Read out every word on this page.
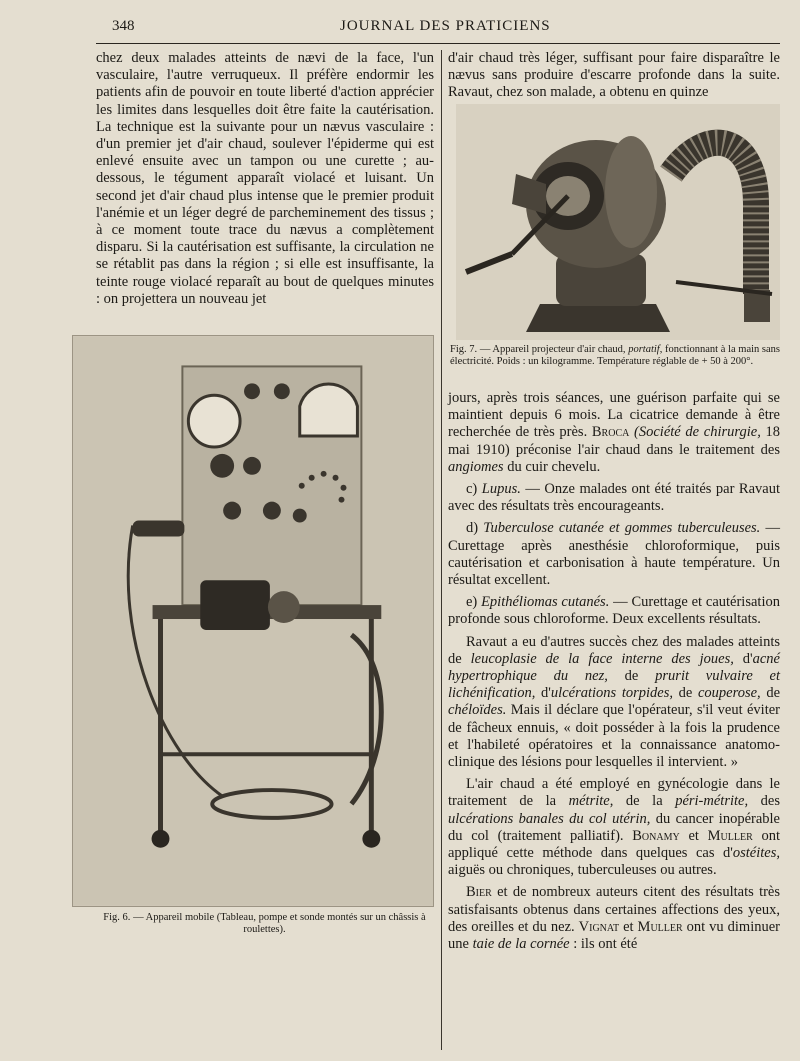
348	JOURNAL DES PRATICIENS

chez deux malades atteints de nævi de la face, l'un vasculaire, l'autre verruqueux. Il préfère endormir les patients afin de pouvoir en toute liberté d'action apprécier les limites dans lesquelles doit être faite la cautérisation. La technique est la suivante pour un nævus vasculaire : d'un premier jet d'air chaud, soulever l'épiderme qui est enlevé ensuite avec un tampon ou une curette ; au-dessous, le tégument apparaît violacé et luisant. Un second jet d'air chaud plus intense que le premier produit l'anémie et un léger degré de parcheminement des tissus ; à ce moment toute trace du nævus a complètement disparu. Si la cautérisation est suffisante, la circulation ne se rétablit pas dans la région ; si elle est insuffisante, la teinte rouge violacé reparaît au bout de quelques minutes : on projettera un nouveau jet

d'air chaud très léger, suffisant pour faire disparaître le nævus sans produire d'escarre profonde dans la suite. Ravaut, chez son malade, a obtenu en quinze

Fig. 7. — Appareil projecteur d'air chaud, portatif, fonctionnant à la main sans électricité. Poids : un kilogramme. Température réglable de + 50 à 200°.
Fig. 6. — Appareil mobile (Tableau, pompe et sonde montés sur un châssis à roulettes).

jours, après trois séances, une guérison parfaite qui se maintient depuis 6 mois. La cicatrice demande à être recherchée de très près. Broca (Société de chirurgie, 18 mai 1910) préconise l'air chaud dans le traitement des angiomes du cuir chevelu.

c) Lupus. — Onze malades ont été traités par Ravaut avec des résultats très encourageants.

d) Tuberculose cutanée et gommes tuberculeuses. — Curettage après anesthésie chloroformique, puis cautérisation et carbonisation à haute température. Un résultat excellent.

e) Epithéliomas cutanés. — Curettage et cautérisation profonde sous chloroforme. Deux excellents résultats.

Ravaut a eu d'autres succès chez des malades atteints de leucoplasie de la face interne des joues, d'acné hypertrophique du nez, de prurit vulvaire et lichénification, d'ulcérations torpides, de couperose, de chéloïdes. Mais il déclare que l'opérateur, s'il veut éviter de fâcheux ennuis, « doit posséder à la fois la prudence et l'habileté opératoires et la connaissance anatomo-clinique des lésions pour lesquelles il intervient. »

L'air chaud a été employé en gynécologie dans le traitement de la métrite, de la péri-métrite, des ulcérations banales du col utérin, du cancer inopérable du col (traitement palliatif). Bonamy et Muller ont appliqué cette méthode dans quelques cas d'ostéites, aiguës ou chroniques, tuberculeuses ou autres.

Bier et de nombreux auteurs citent des résultats très satisfaisants obtenus dans certaines affections des yeux, des oreilles et du nez. Vignat et Muller ont vu diminuer une taie de la cornée : ils ont été
